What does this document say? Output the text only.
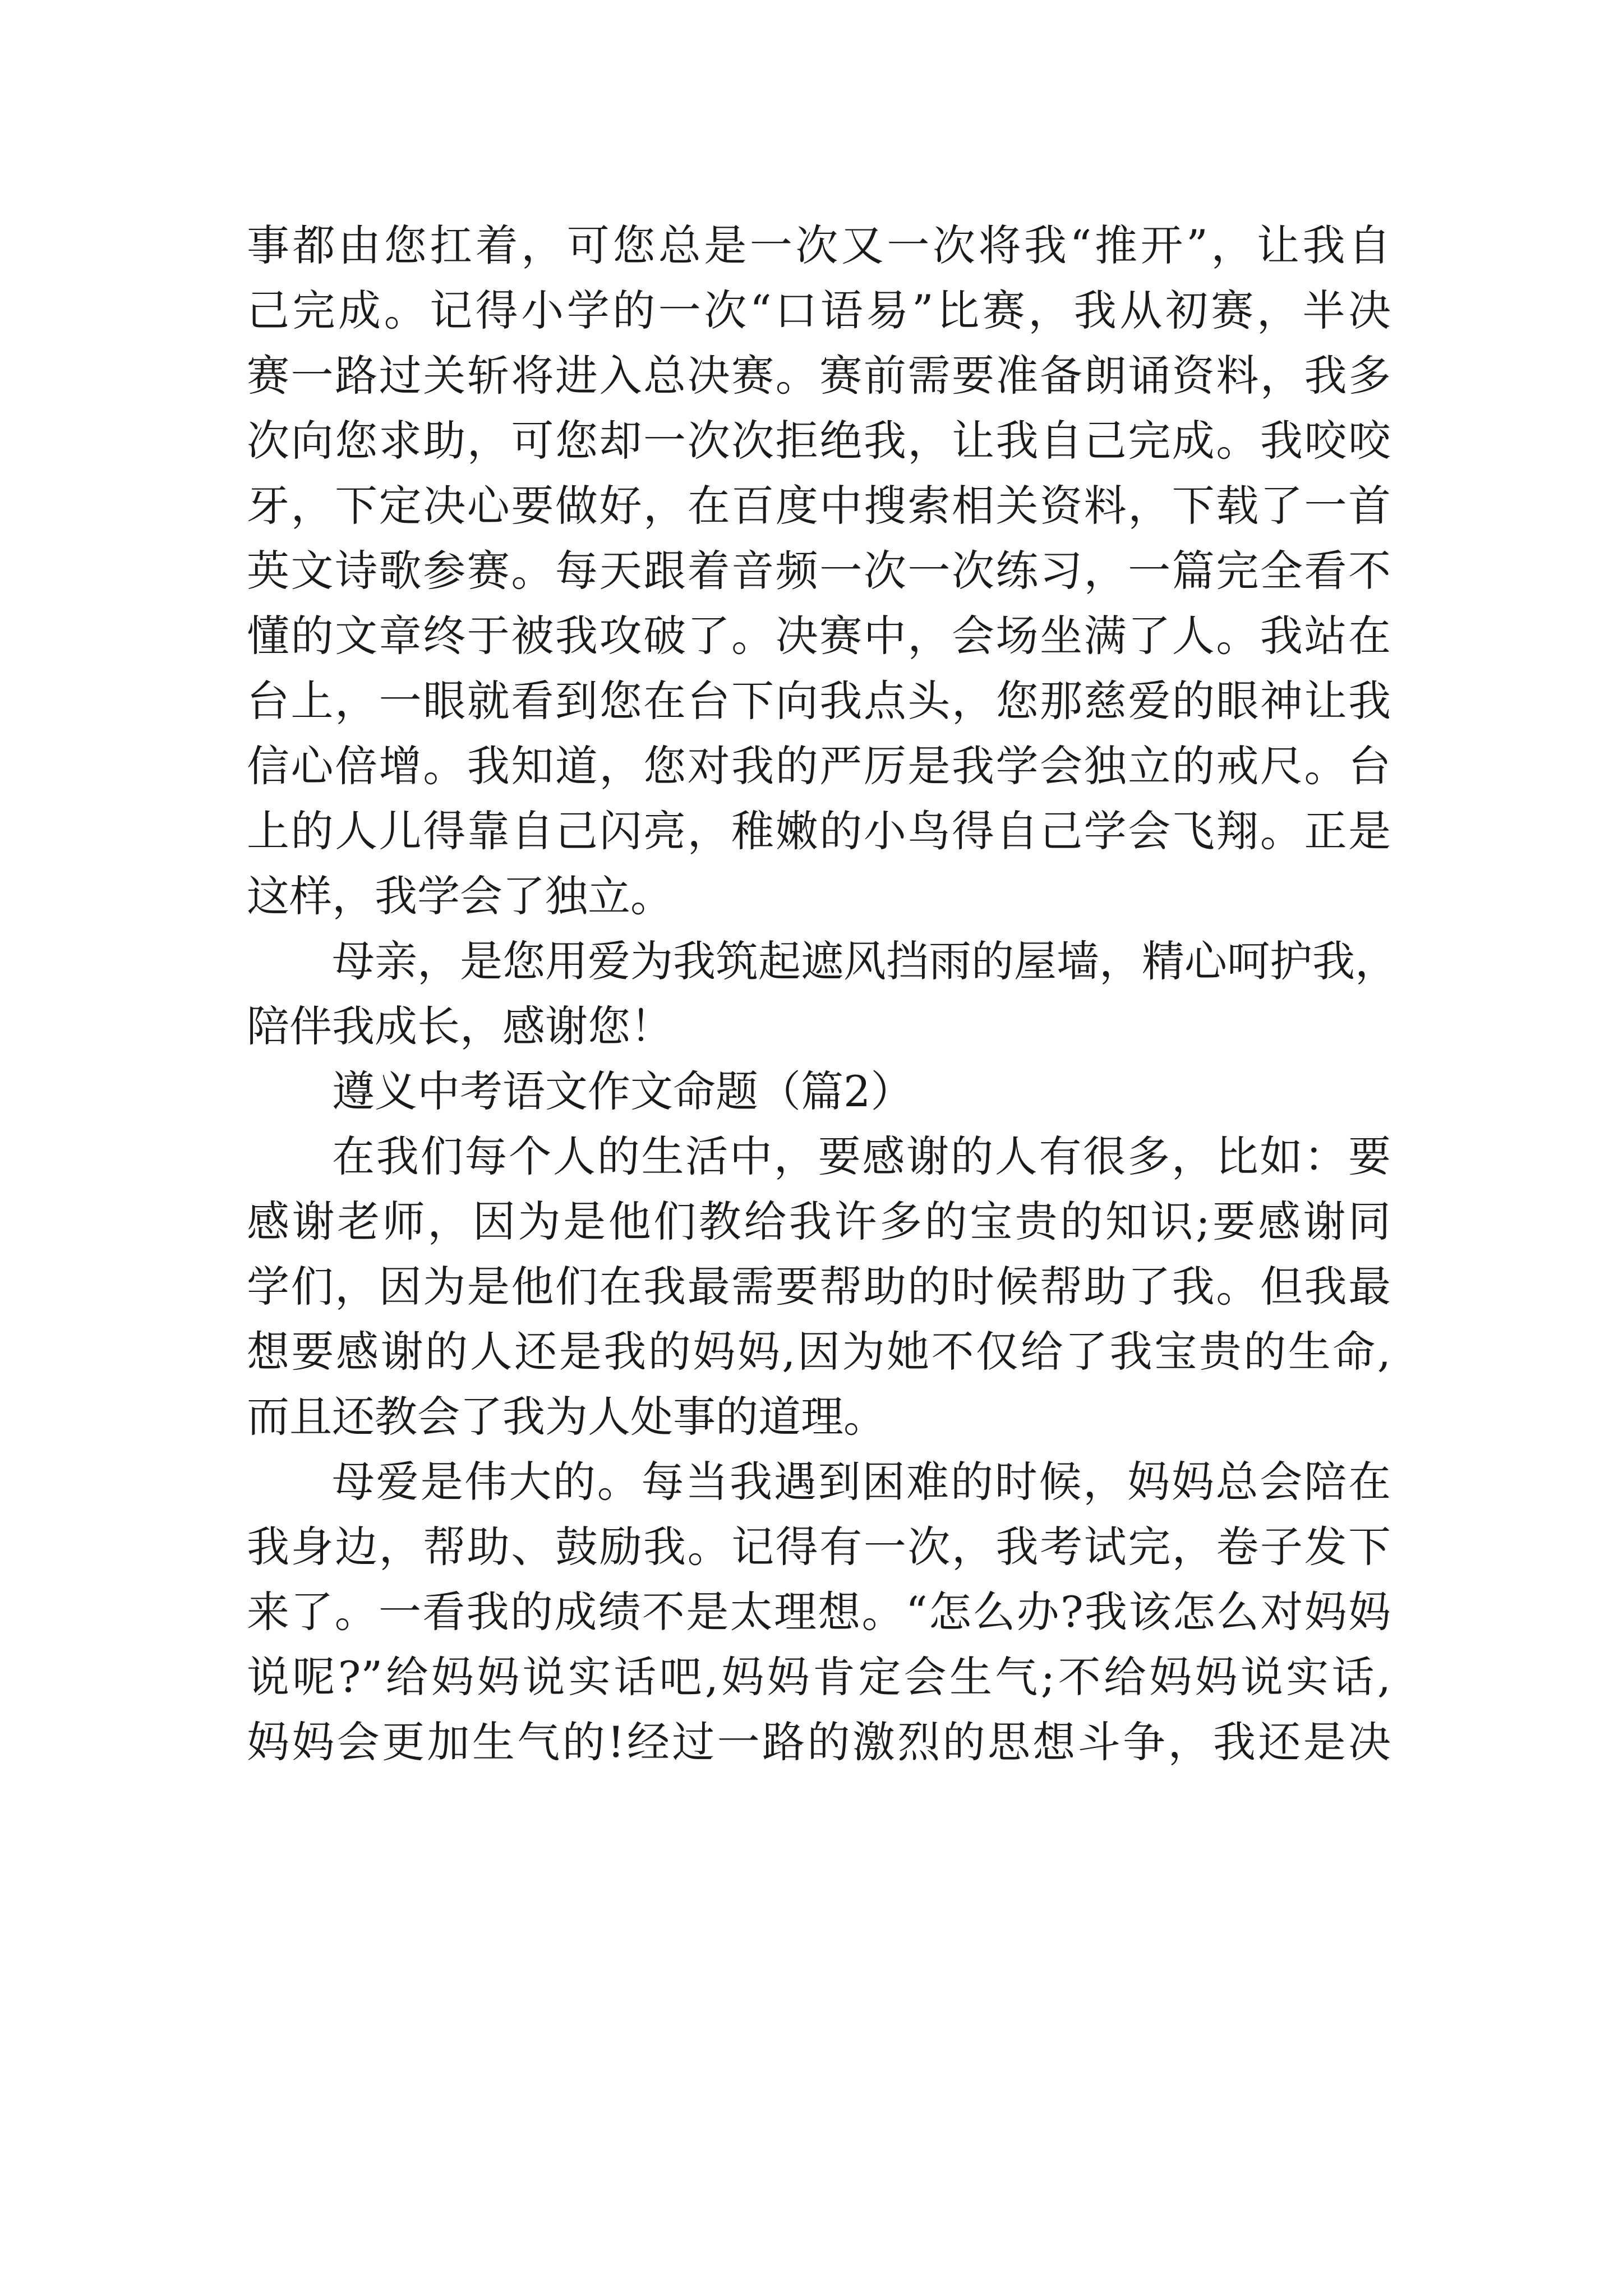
事都由您扛着，可您总是一次又一次将我“推开”，让我自
己完成。记得小学的一次“口语易”比赛，我从初赛，半决
赛一路过关斩将进入总决赛。赛前需要准备朗诵资料，我多
次向您求助，可您却一次次拒绝我，让我自己完成。我咬咬
牙，下定决心要做好，在百度中搜索相关资料，下载了一首
英文诗歌参赛。每天跟着音频一次一次练习，一篇完全看不
懂的文章终于被我攻破了。决赛中，会场坐满了人。我站在
台上，一眼就看到您在台下向我点头，您那慈爱的眼神让我
信心倍增。我知道，您对我的严厉是我学会独立的戒尺。台
上的人儿得靠自己闪亮，稚嫩的小鸟得自己学会飞翔。正是
这样，我学会了独立。
母亲，是您用爱为我筑起遮风挡雨的屋墙，精心呵护我，
陪伴我成长，感谢您！
遵义中考语文作文命题（篇2）
在我们每个人的生活中，要感谢的人有很多，比如：要
感谢老师，因为是他们教给我许多的宝贵的知识;要感谢同
学们，因为是他们在我最需要帮助的时候帮助了我。但我最
想要感谢的人还是我的妈妈,因为她不仅给了我宝贵的生命,
而且还教会了我为人处事的道理。
母爱是伟大的。每当我遇到困难的时候，妈妈总会陪在
我身边，帮助、鼓励我。记得有一次，我考试完，卷子发下
来了。一看我的成绩不是太理想。“怎么办?我该怎么对妈妈
说呢?”给妈妈说实话吧,妈妈肯定会生气;不给妈妈说实话,
妈妈会更加生气的!经过一路的激烈的思想斗争，我还是决
